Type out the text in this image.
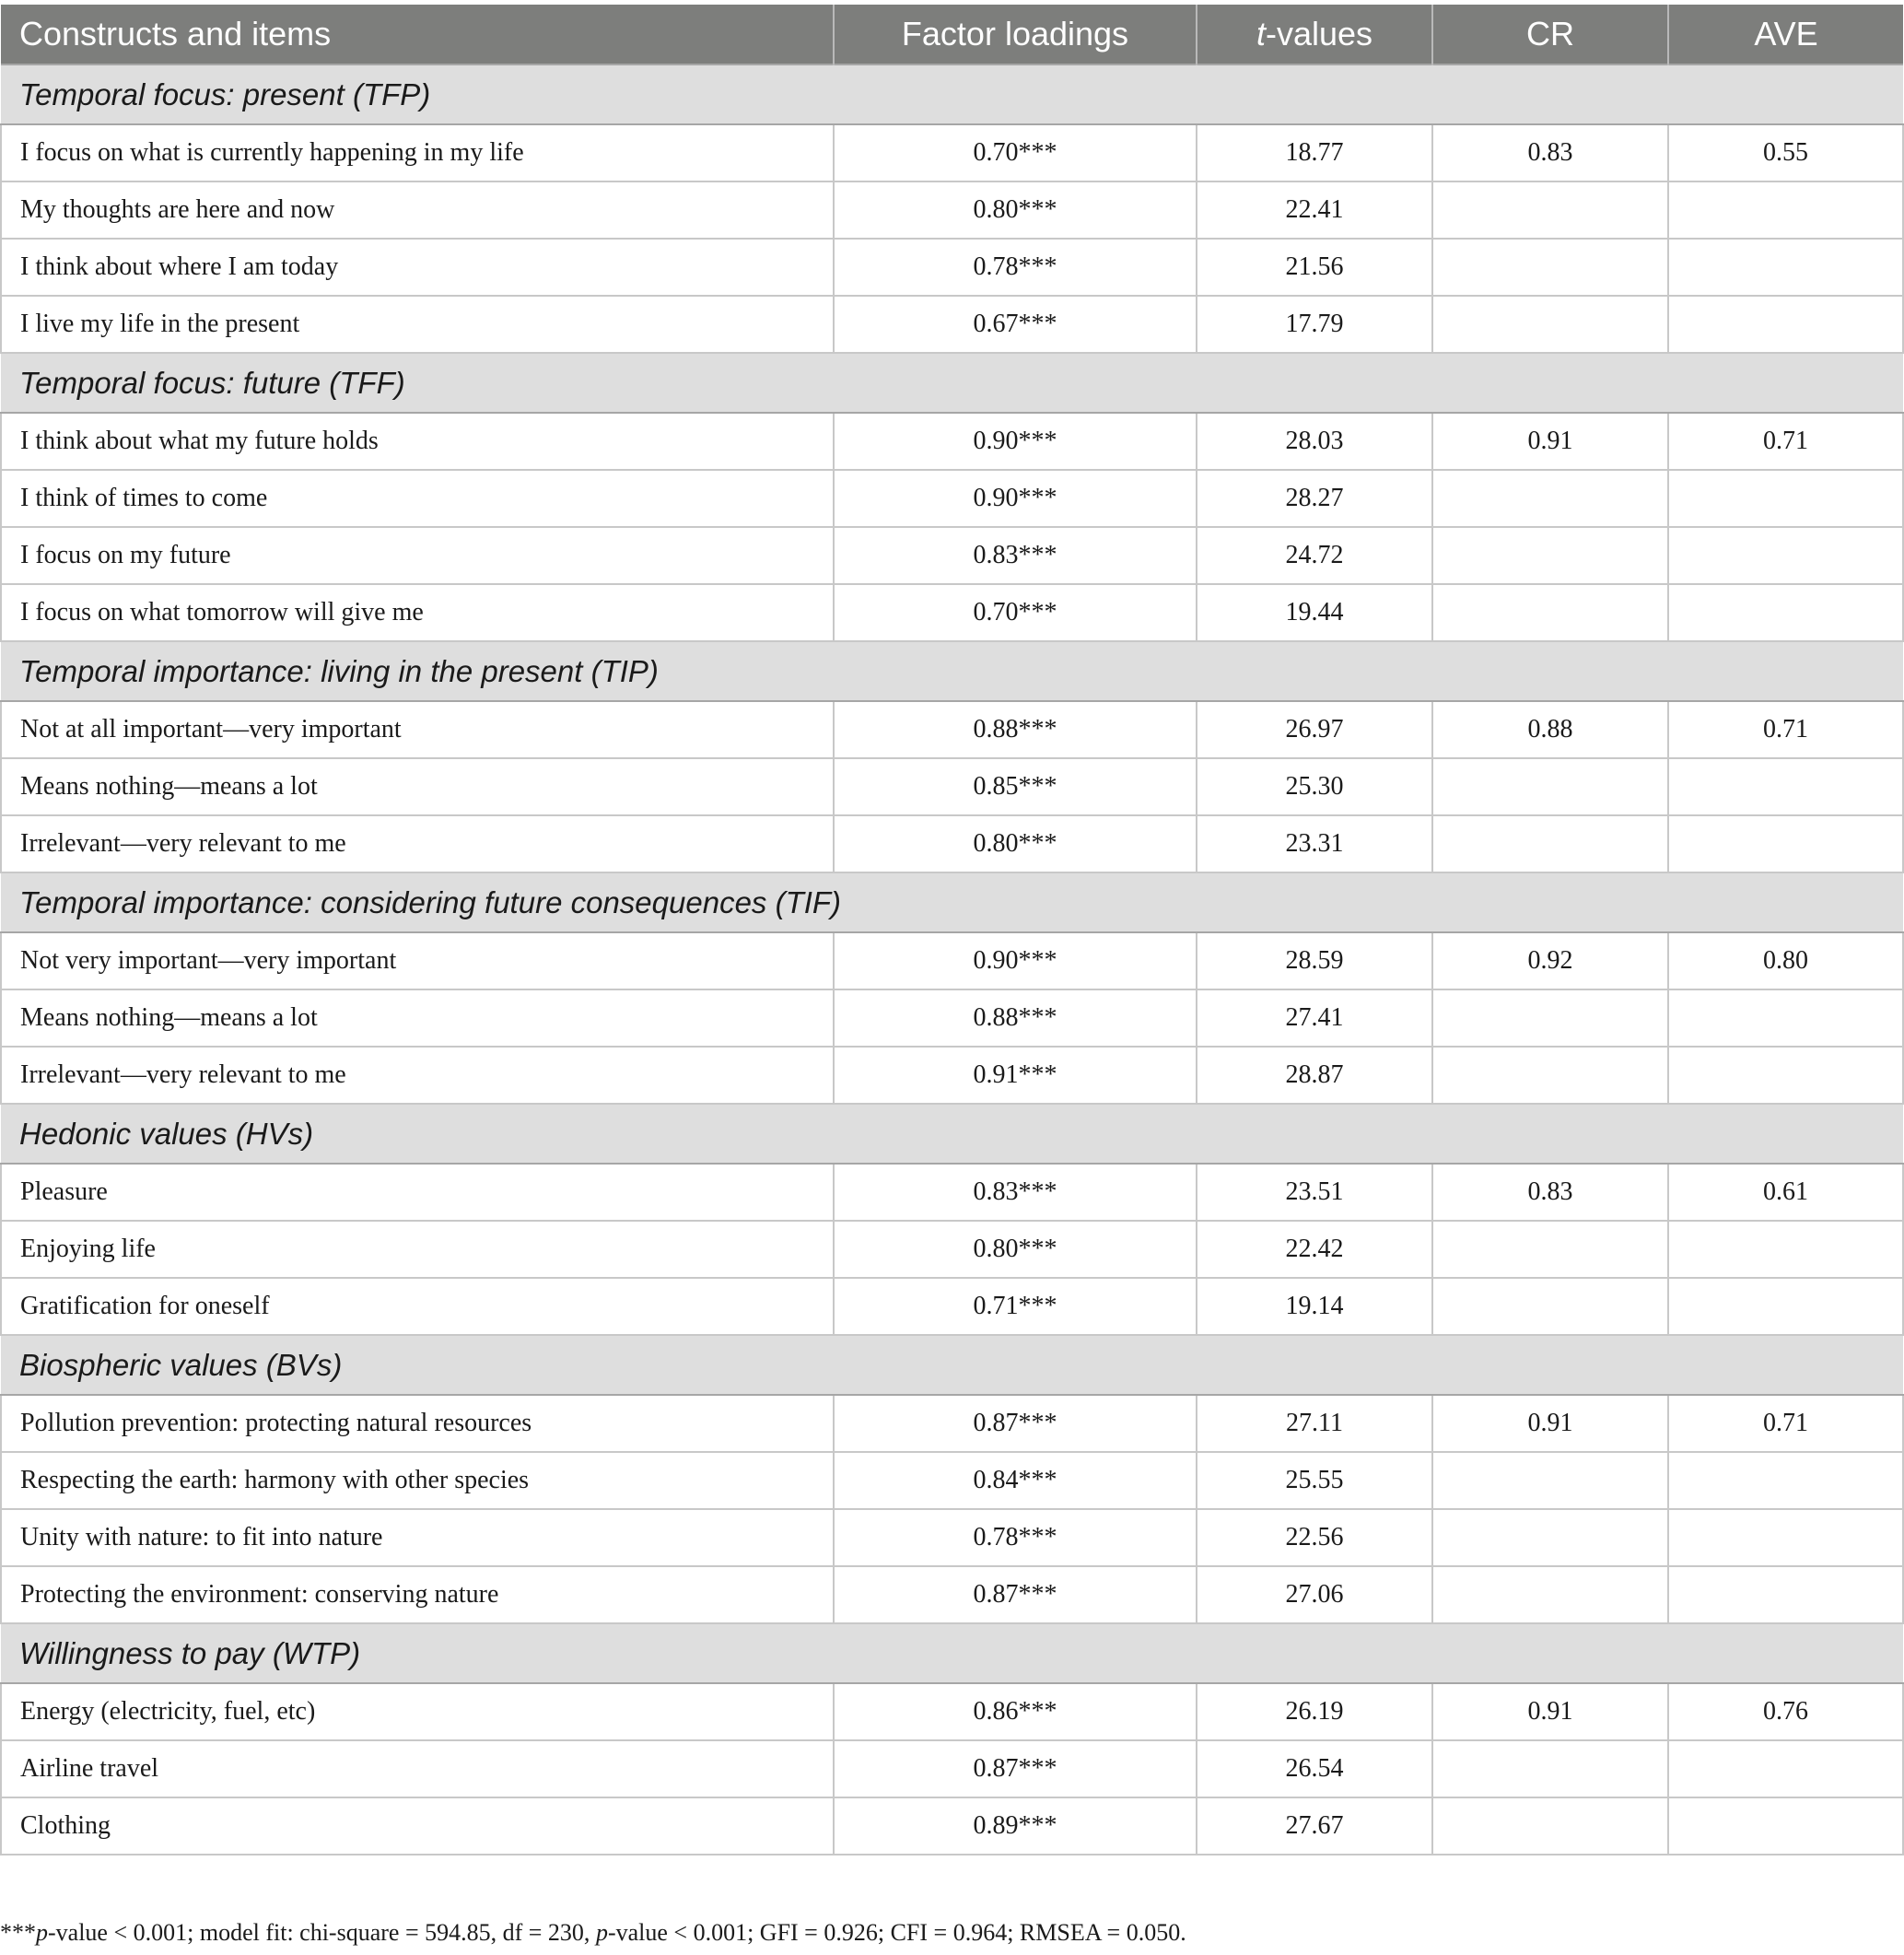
Constructs and items	Factor loadings	t-values	CR	AVE
Temporal focus: present (TFP)				
I focus on what is currently happening in my life	0.70***	18.77	0.83	0.55
My thoughts are here and now	0.80***	22.41		
I think about where I am today	0.78***	21.56		
I live my life in the present	0.67***	17.79		
Temporal focus: future (TFF)				
I think about what my future holds	0.90***	28.03	0.91	0.71
I think of times to come	0.90***	28.27		
I focus on my future	0.83***	24.72		
I focus on what tomorrow will give me	0.70***	19.44		
Temporal importance: living in the present (TIP)				
Not at all important—very important	0.88***	26.97	0.88	0.71
Means nothing—means a lot	0.85***	25.30		
Irrelevant—very relevant to me	0.80***	23.31		
Temporal importance: considering future consequences (TIF)				
Not very important—very important	0.90***	28.59	0.92	0.80
Means nothing—means a lot	0.88***	27.41		
Irrelevant—very relevant to me	0.91***	28.87		
Hedonic values (HVs)				
Pleasure	0.83***	23.51	0.83	0.61
Enjoying life	0.80***	22.42		
Gratification for oneself	0.71***	19.14		
Biospheric values (BVs)				
Pollution prevention: protecting natural resources	0.87***	27.11	0.91	0.71
Respecting the earth: harmony with other species	0.84***	25.55		
Unity with nature: to fit into nature	0.78***	22.56		
Protecting the environment: conserving nature	0.87***	27.06		
Willingness to pay (WTP)				
Energy (electricity, fuel, etc)	0.86***	26.19	0.91	0.76
Airline travel	0.87***	26.54		
Clothing	0.89***	27.67		
***p-value < 0.001; model fit: chi-square = 594.85, df = 230, p-value < 0.001; GFI = 0.926; CFI = 0.964; RMSEA = 0.050.
